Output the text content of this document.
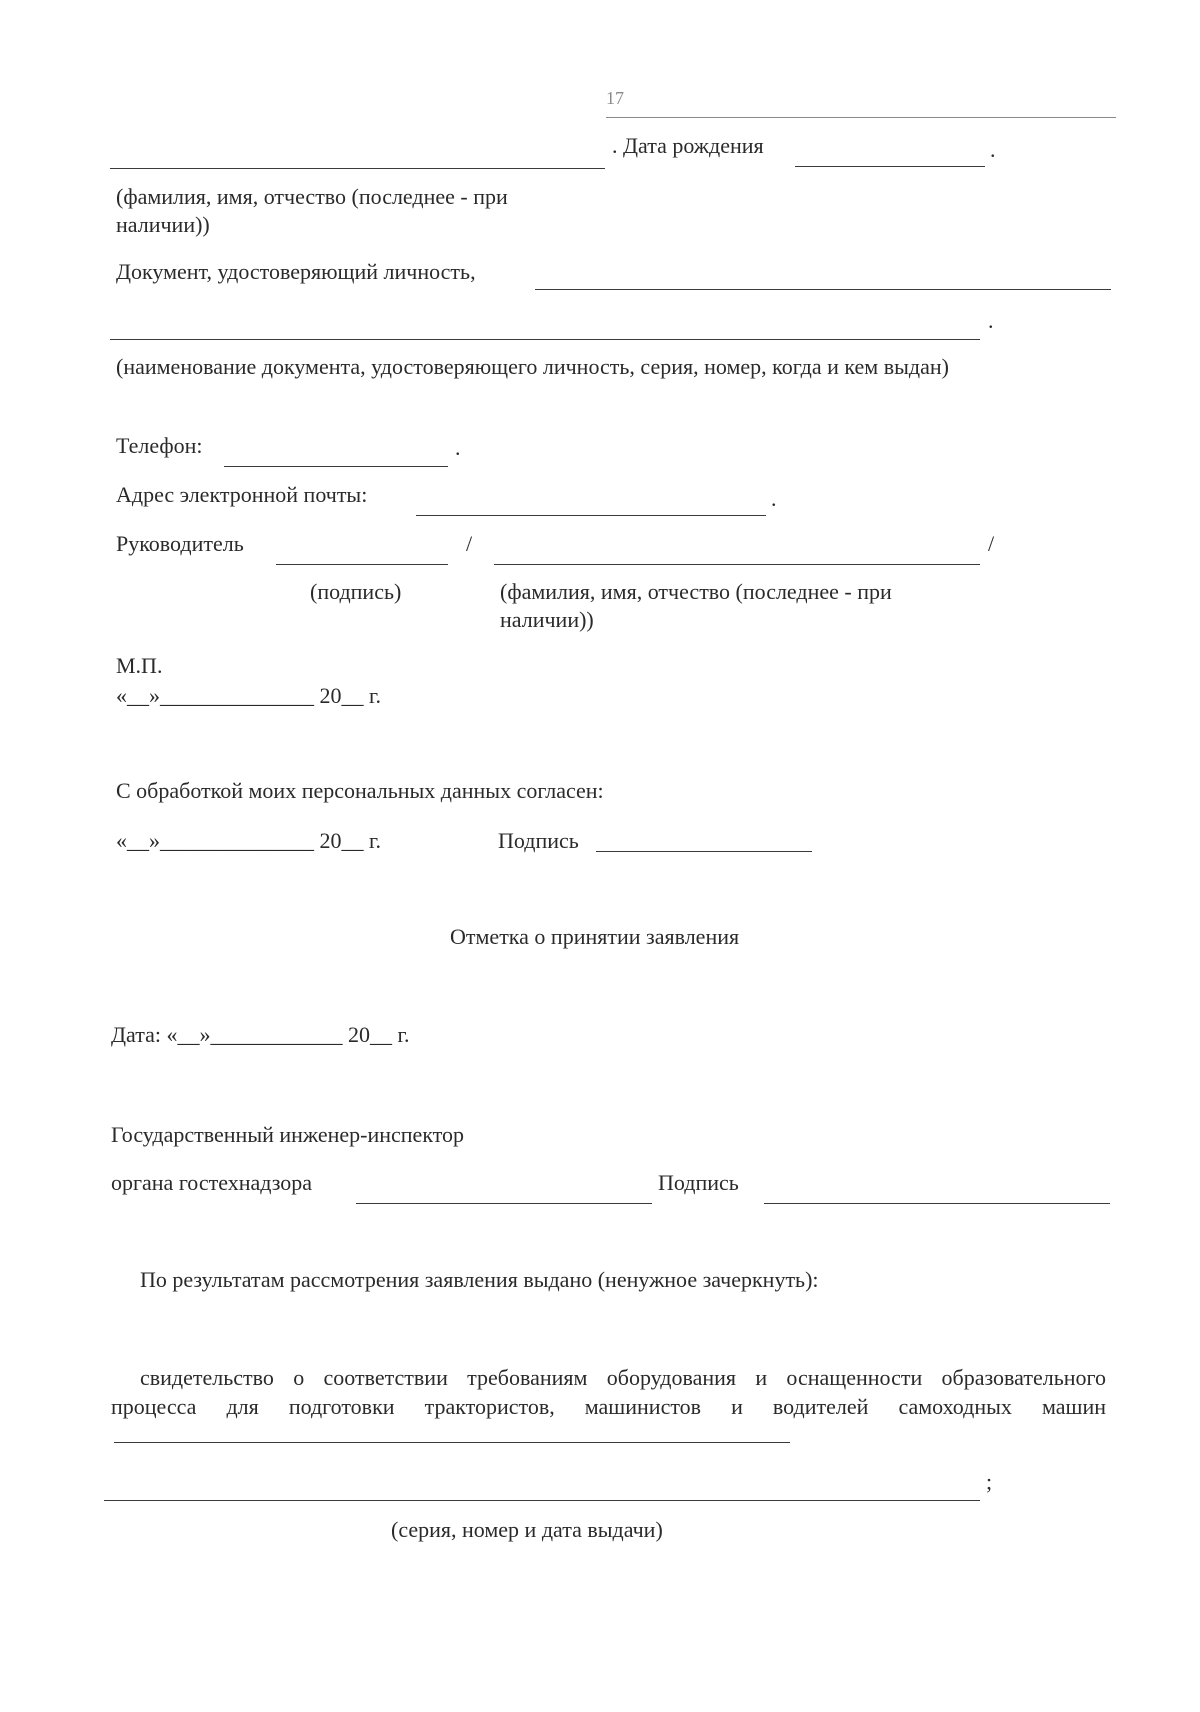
17
. Дата рождения	.
(фамилия, имя, отчество (последнее - при наличии))
Документ, удостоверяющий личность,
.
(наименование документа, удостоверяющего личность, серия, номер, когда и кем выдан)
Телефон:	.
Адрес электронной почты:	.
Руководитель	/	/
(подпись)	(фамилия, имя, отчество (последнее - при наличии))
М.П.
«__»______________ 20__ г.
С обработкой моих персональных данных согласен:
«__»______________ 20__ г.	Подпись
Отметка о принятии заявления
Дата: «__»____________ 20__ г.
Государственный инженер-инспектор
органа гостехнадзора	Подпись
По результатам рассмотрения заявления выдано (ненужное зачеркнуть):
свидетельство о соответствии требованиям оборудования и оснащенности образовательного
процесса для подготовки трактористов, машинистов и водителей самоходных машин
;
(серия, номер и дата выдачи)
